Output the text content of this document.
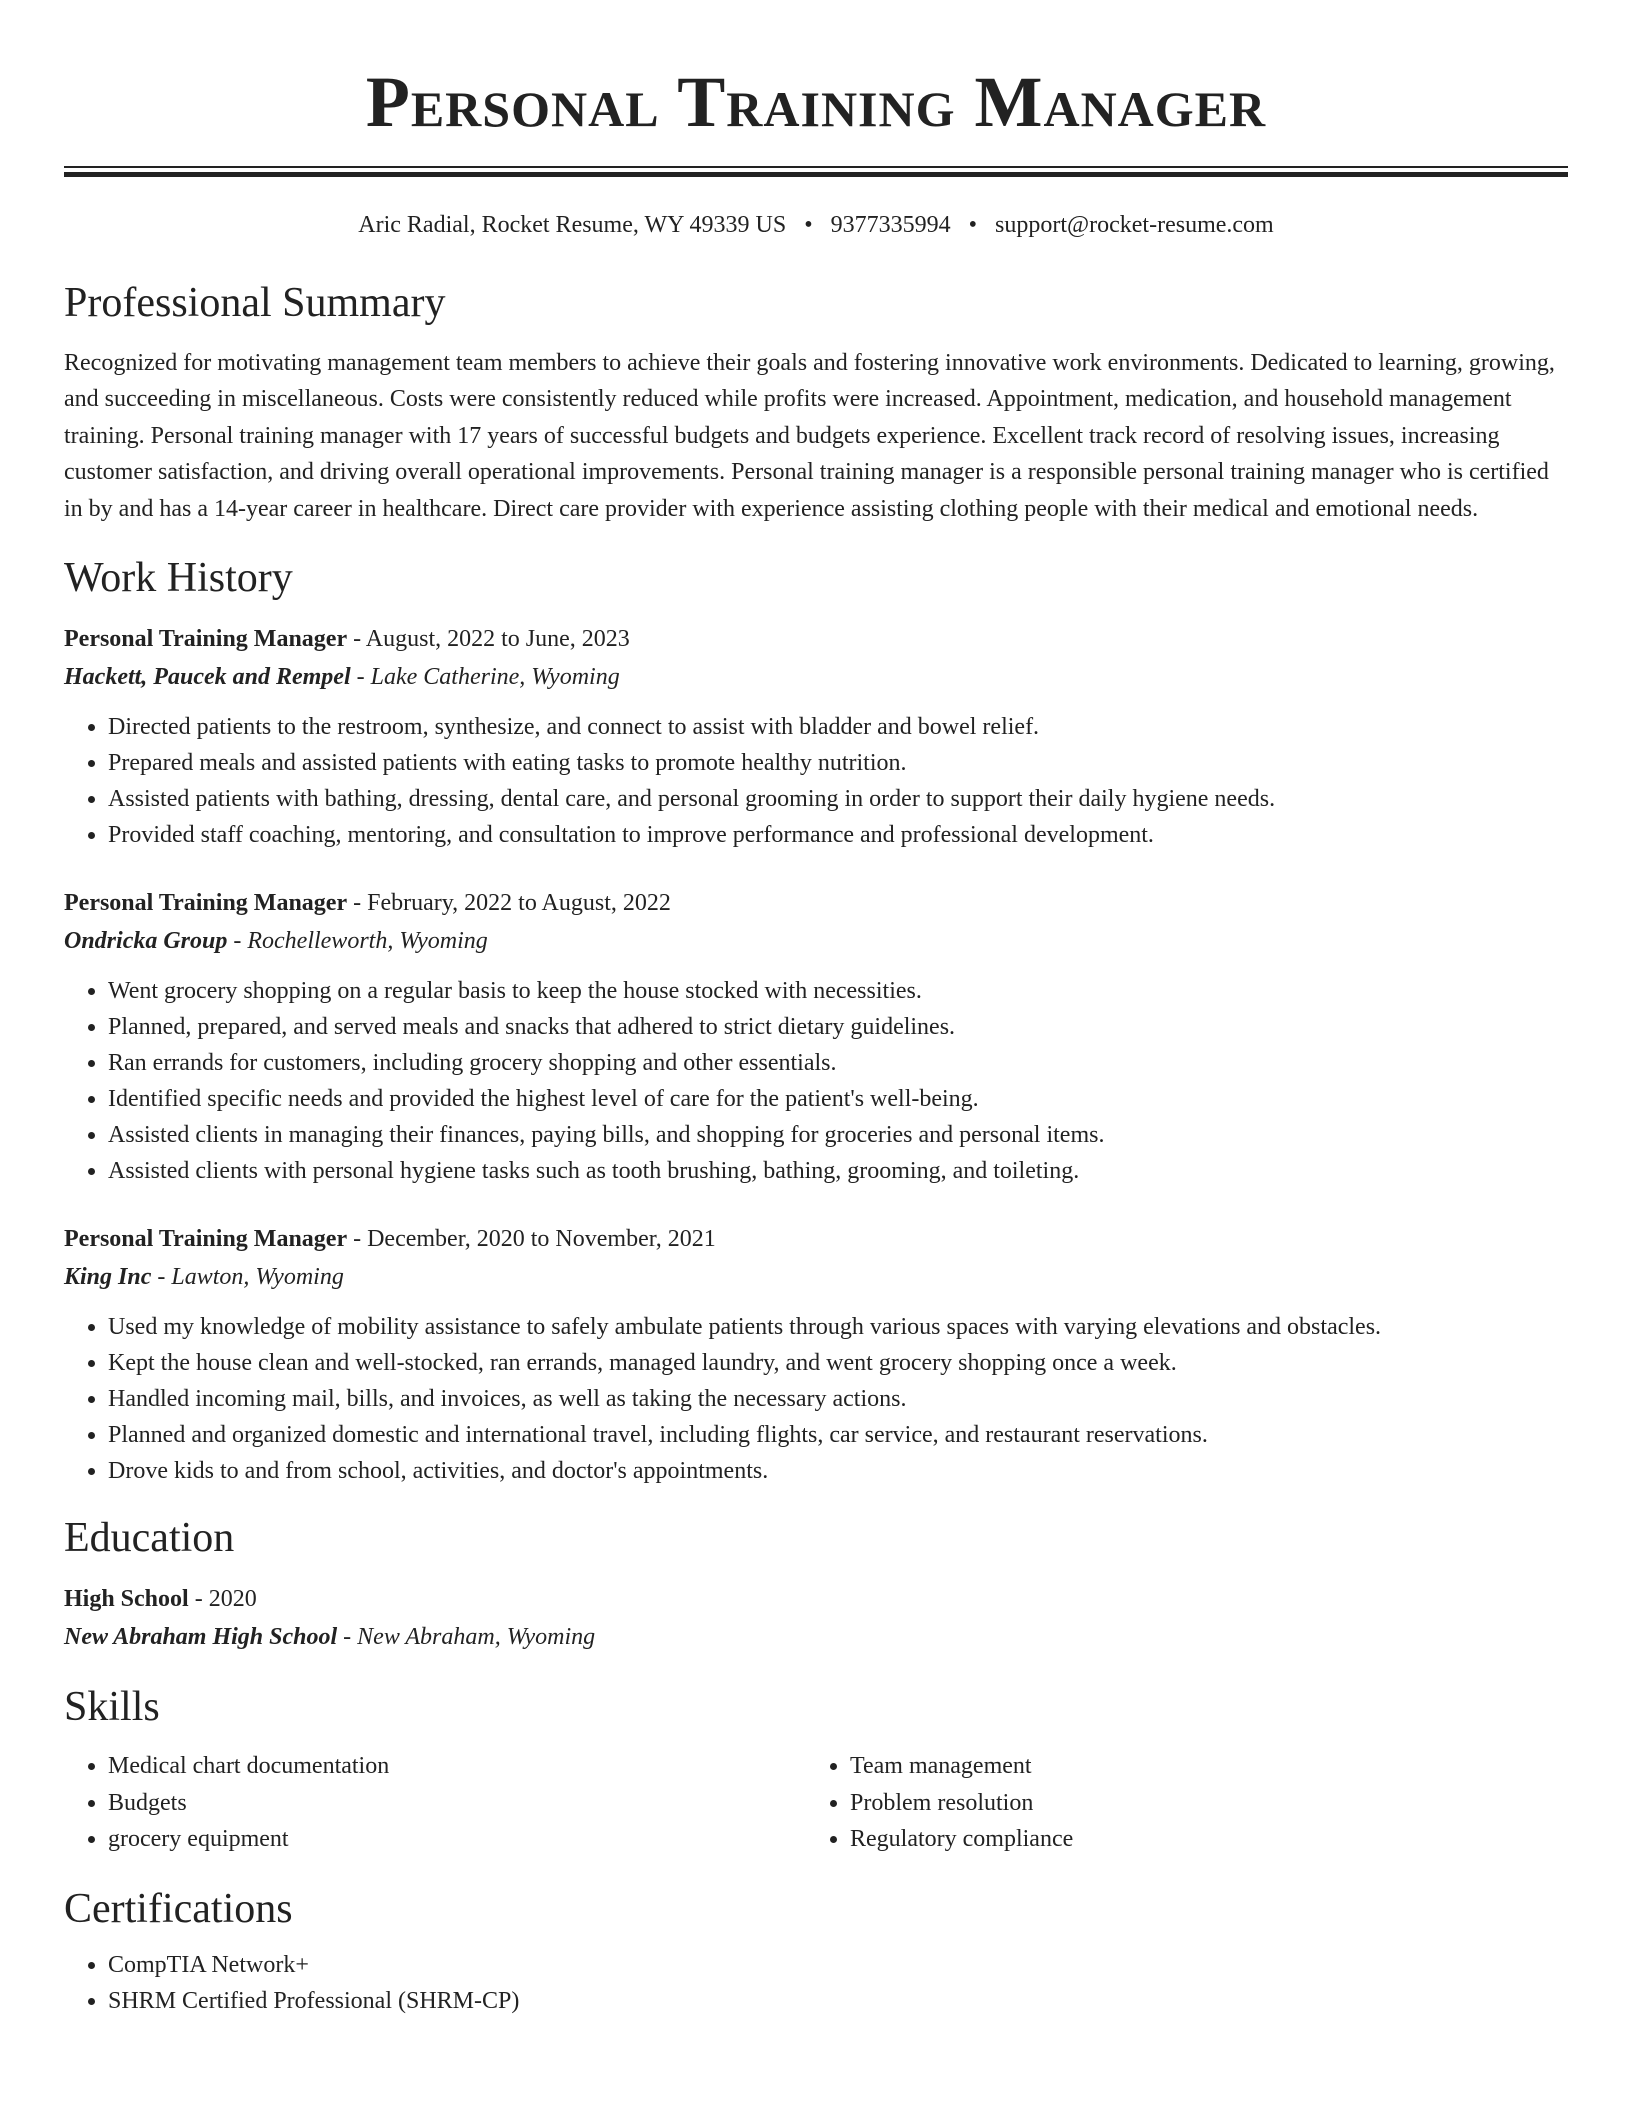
Personal Training Manager
Aric Radial, Rocket Resume, WY 49339 US • 9377335994 • support@rocket-resume.com
Professional Summary

Recognized for motivating management team members to achieve their goals and fostering innovative work environments. Dedicated to learning, growing, and succeeding in miscellaneous. Costs were consistently reduced while profits were increased. Appointment, medication, and household management training. Personal training manager with 17 years of successful budgets and budgets experience. Excellent track record of resolving issues, increasing customer satisfaction, and driving overall operational improvements. Personal training manager is a responsible personal training manager who is certified in by and has a 14-year career in healthcare. Direct care provider with experience assisting clothing people with their medical and emotional needs.

Work History
Personal Training Manager - August, 2022 to June, 2023
Hackett, Paucek and Rempel - Lake Catherine, Wyoming
• Directed patients to the restroom, synthesize, and connect to assist with bladder and bowel relief.
• Prepared meals and assisted patients with eating tasks to promote healthy nutrition.
• Assisted patients with bathing, dressing, dental care, and personal grooming in order to support their daily hygiene needs.
• Provided staff coaching, mentoring, and consultation to improve performance and professional development.
Personal Training Manager - February, 2022 to August, 2022
Ondricka Group - Rochelleworth, Wyoming
• Went grocery shopping on a regular basis to keep the house stocked with necessities.
• Planned, prepared, and served meals and snacks that adhered to strict dietary guidelines.
• Ran errands for customers, including grocery shopping and other essentials.
• Identified specific needs and provided the highest level of care for the patient's well-being.
• Assisted clients in managing their finances, paying bills, and shopping for groceries and personal items.
• Assisted clients with personal hygiene tasks such as tooth brushing, bathing, grooming, and toileting.
Personal Training Manager - December, 2020 to November, 2021
King Inc - Lawton, Wyoming
• Used my knowledge of mobility assistance to safely ambulate patients through various spaces with varying elevations and obstacles.
• Kept the house clean and well-stocked, ran errands, managed laundry, and went grocery shopping once a week.
• Handled incoming mail, bills, and invoices, as well as taking the necessary actions.
• Planned and organized domestic and international travel, including flights, car service, and restaurant reservations.
• Drove kids to and from school, activities, and doctor's appointments.
Education
High School - 2020
New Abraham High School - New Abraham, Wyoming
Skills
• Medical chart documentation
• Budgets
• grocery equipment
• Team management
• Problem resolution
• Regulatory compliance
Certifications
• CompTIA Network+
• SHRM Certified Professional (SHRM-CP)
